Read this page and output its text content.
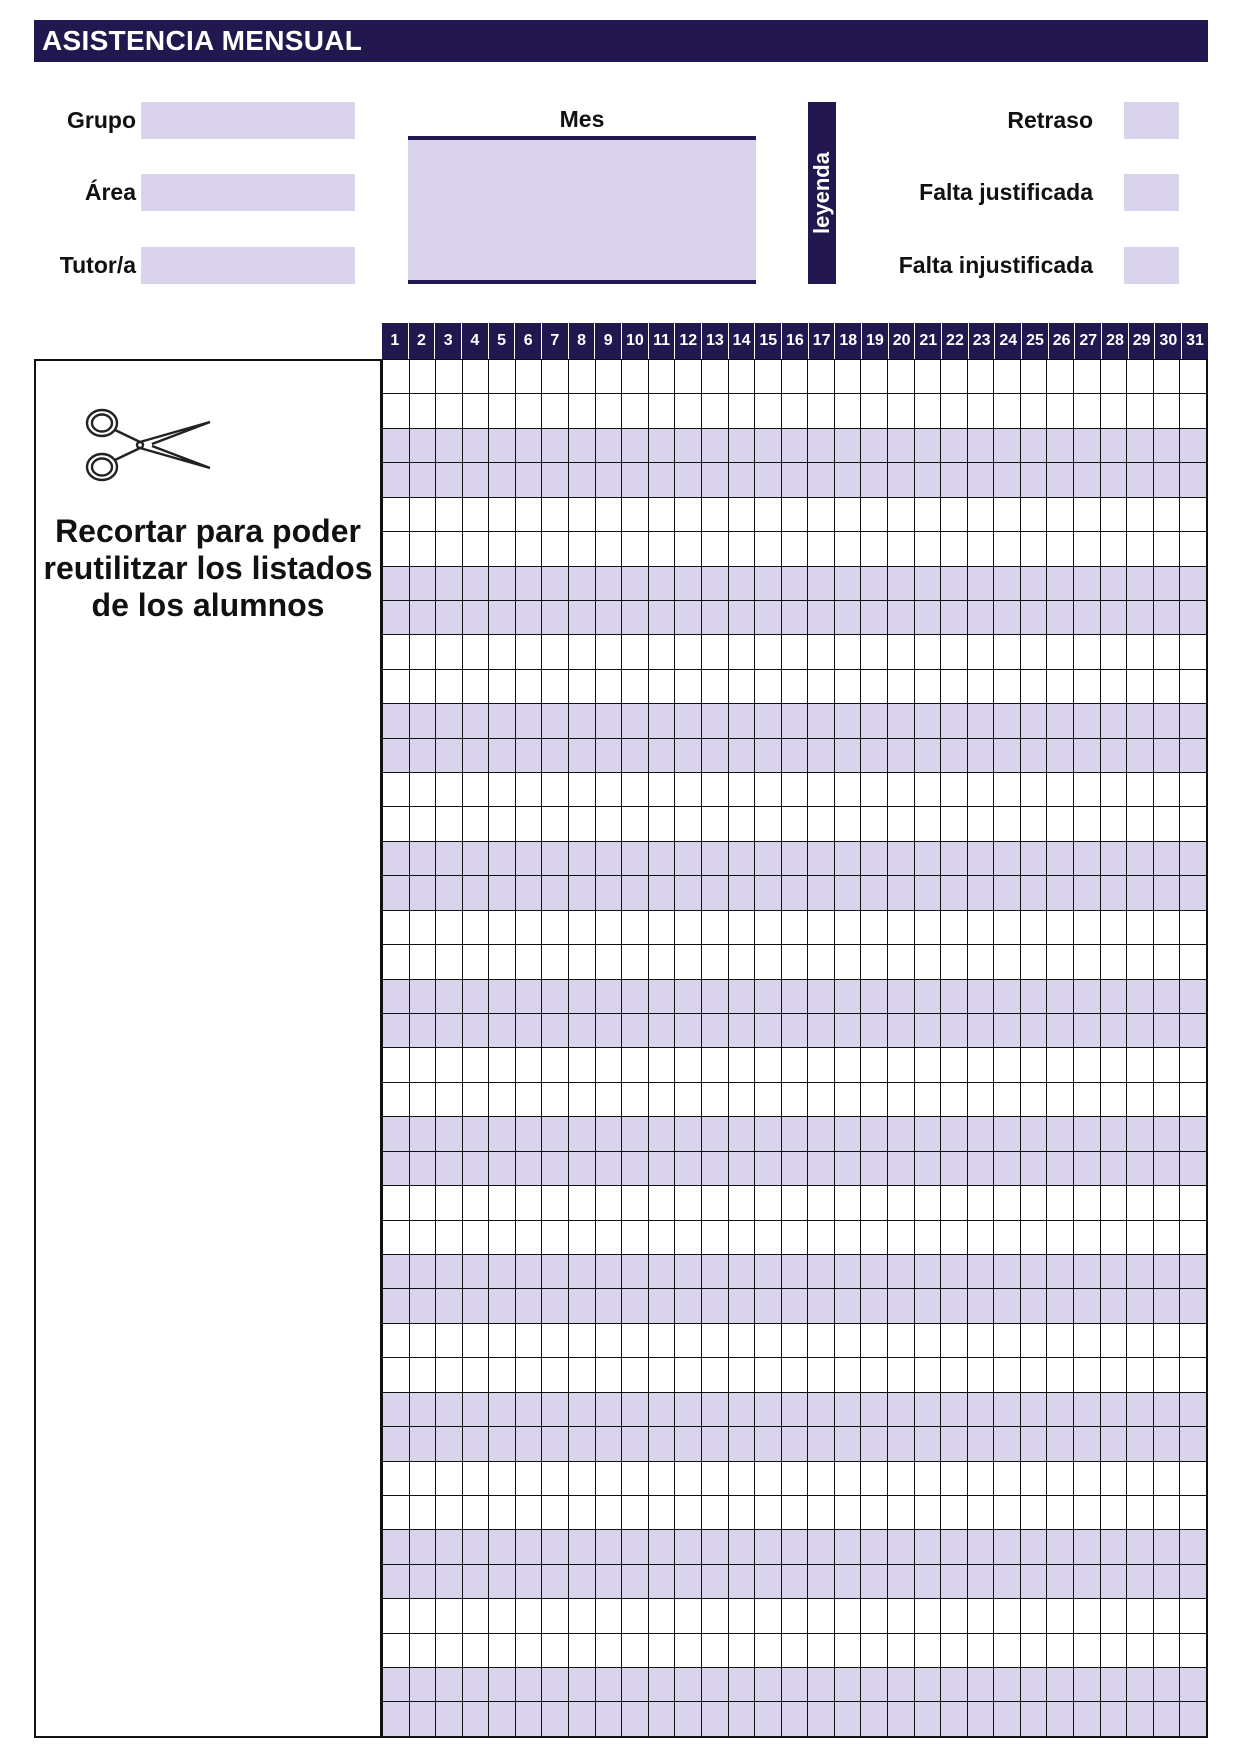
ASISTENCIA MENSUAL
Grupo
Área
Tutor/a
Mes
leyenda
Retraso
Falta justificada
Falta injustificada
Recortar para poder
reutilitzar los listados
de los alumnos
1	2	3	4	5	6	7	8	9 10 11 12 13 14 15 16 17 18 19 20 21 22 23 24 25 26 27 28 29 30 31
